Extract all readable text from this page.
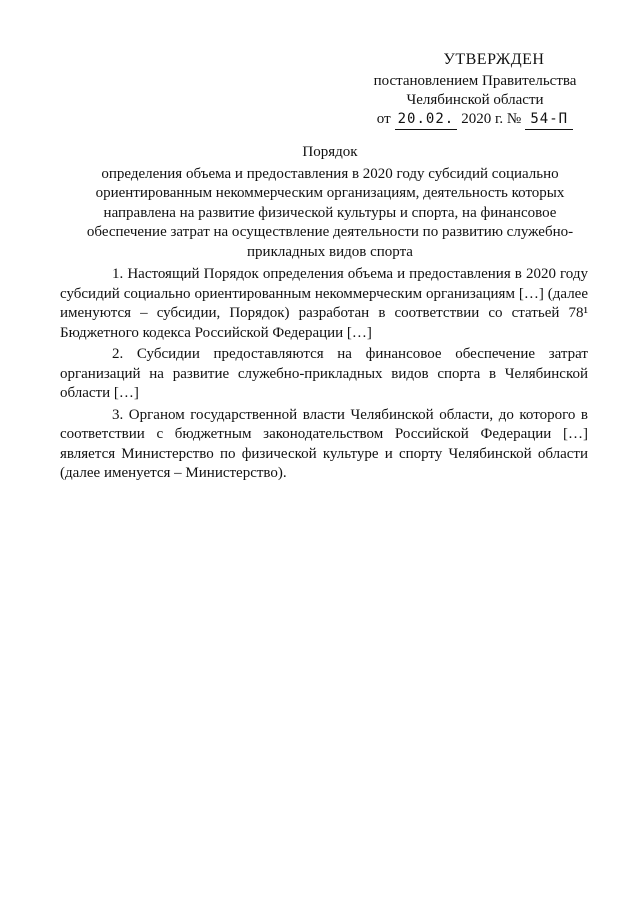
УТВЕРЖДЕН
постановлением Правительства
Челябинской области
от 20.02. 2020 г. № 54-П
Порядок
определения объема и предоставления в 2020 году субсидий социально ориентированным некоммерческим организациям, деятельность которых направлена на развитие физической культуры и спорта, на финансовое обеспечение затрат на осуществление деятельности по развитию служебно-прикладных видов спорта

1. Настоящий Порядок определения объема и предоставления в 2020 году субсидий социально ориентированным некоммерческим организациям […] (далее именуются – субсидии, Порядок) разработан в соответствии со статьей 78¹ Бюджетного кодекса Российской Федерации […]

2. Субсидии предоставляются на финансовое обеспечение затрат организаций на развитие служебно-прикладных видов спорта в Челябинской области […]

3. Органом государственной власти Челябинской области, до которого в соответствии с бюджетным законодательством Российской Федерации […] является Министерство по физической культуре и спорту Челябинской области (далее именуется – Министерство).
